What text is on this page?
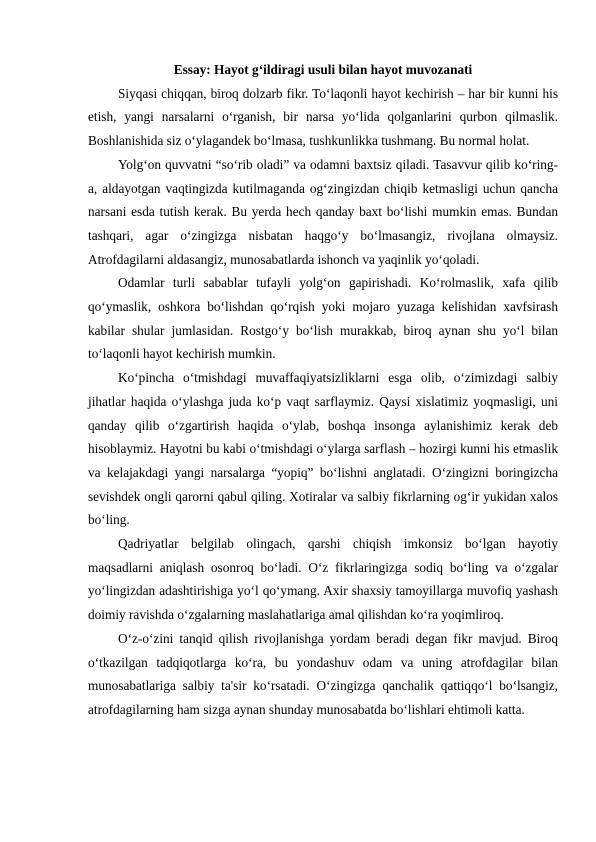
Essay: Hayot g‘ildiragi usuli bilan hayot muvozanati

Siyqasi chiqqan, biroq dolzarb fikr. To‘laqonli hayot kechirish – har bir kunni his etish, yangi narsalarni o‘rganish, bir narsa yo‘lida qolganlarini qurbon qilmaslik. Boshlanishida siz o‘ylagandek bo‘lmasa, tushkunlikka tushmang. Bu normal holat.

Yolg‘on quvvatni “so‘rib oladi” va odamni baxtsiz qiladi. Tasavvur qilib ko‘ring-a, aldayotgan vaqtingizda kutilmaganda og‘zingizdan chiqib ketmasligi uchun qancha narsani esda tutish kerak. Bu yerda hech qanday baxt bo‘lishi mumkin emas. Bundan tashqari, agar o‘zingizga nisbatan haqgo‘y bo‘lmasangiz, rivojlana olmaysiz. Atrofdagilarni aldasangiz, munosabatlarda ishonch va yaqinlik yo‘qoladi.

Odamlar turli sabablar tufayli yolg‘on gapirishadi. Ko‘rolmaslik, xafa qilib qo‘ymaslik, oshkora bo‘lishdan qo‘rqish yoki mojaro yuzaga kelishidan xavfsirash kabilar shular jumlasidan. Rostgo‘y bo‘lish murakkab, biroq aynan shu yo‘l bilan to‘laqonli hayot kechirish mumkin.

Ko‘pincha o‘tmishdagi muvaffaqiyatsizliklarni esga olib, o‘zimizdagi salbiy jihatlar haqida o‘ylashga juda ko‘p vaqt sarflaymiz. Qaysi xislatimiz yoqmasligi, uni qanday qilib o‘zgartirish haqida o‘ylab, boshqa insonga aylanishimiz kerak deb hisoblaymiz. Hayotni bu kabi o‘tmishdagi o‘ylarga sarflash – hozirgi kunni his etmaslik va kelajakdagi yangi narsalarga “yopiq” bo‘lishni anglatadi. O‘zingizni boringizcha sevishdek ongli qarorni qabul qiling. Xotiralar va salbiy fikrlarning og‘ir yukidan xalos bo‘ling.

Qadriyatlar belgilab olingach, qarshi chiqish imkonsiz bo‘lgan hayotiy maqsadlarni aniqlash osonroq bo‘ladi. O‘z fikrlaringizga sodiq bo‘ling va o‘zgalar yo‘lingizdan adashtirishiga yo‘l qo‘ymang. Axir shaxsiy tamoyillarga muvofiq yashash doimiy ravishda o‘zgalarning maslahatlariga amal qilishdan ko‘ra yoqimliroq.

O‘z-o‘zini tanqid qilish rivojlanishga yordam beradi degan fikr mavjud. Biroq o‘tkazilgan tadqiqotlarga ko‘ra, bu yondashuv odam va uning atrofdagilar bilan munosabatlariga salbiy ta'sir ko‘rsatadi. O‘zingizga qanchalik qattiqqo‘l bo‘lsangiz, atrofdagilarning ham sizga aynan shunday munosabatda bo‘lishlari ehtimoli katta.
